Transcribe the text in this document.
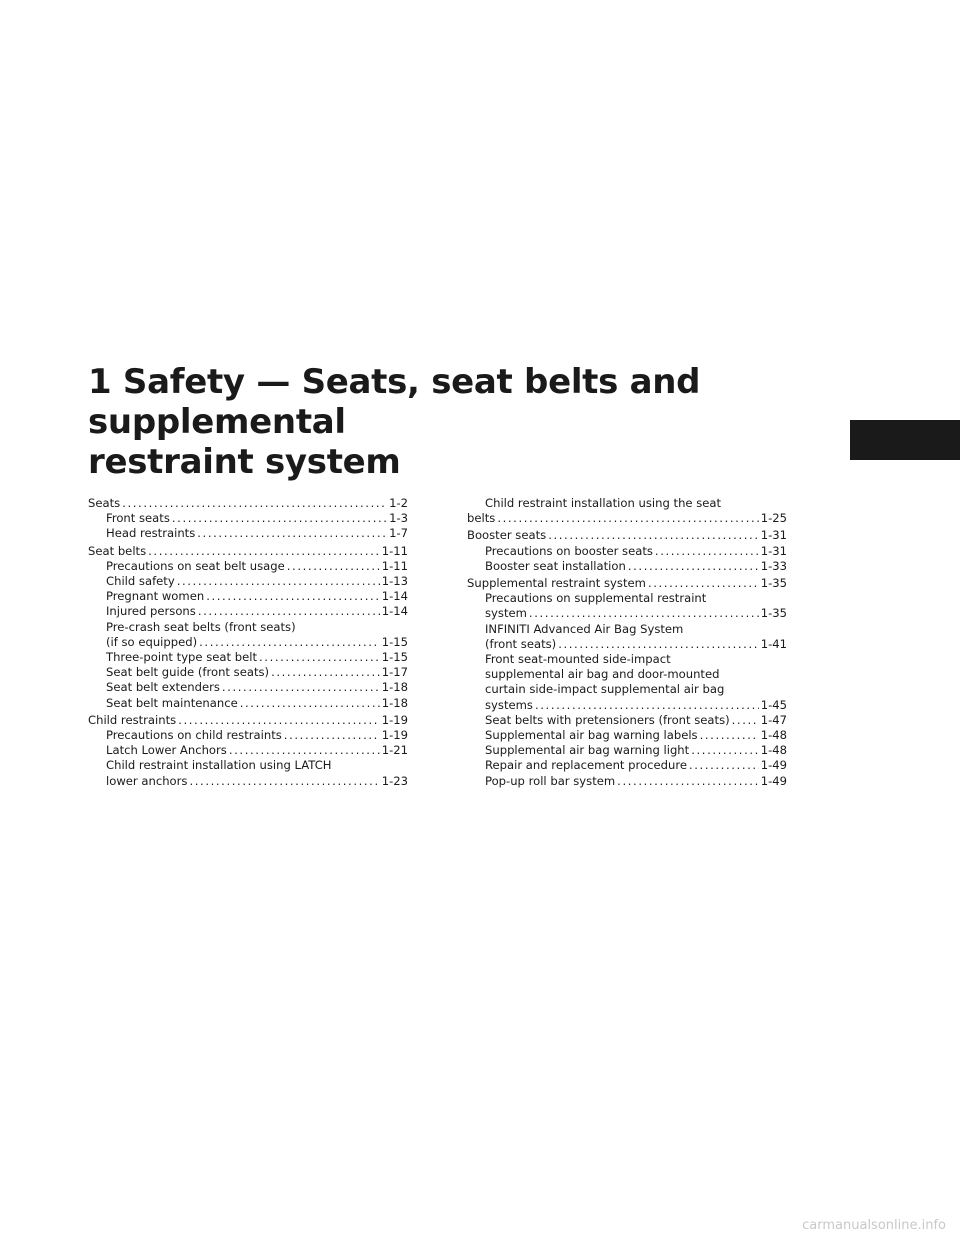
1 Safety — Seats, seat belts and supplemental
restraint system
Seats .....	1-2
Front seats .....	1-3
Head restraints .....	1-7
Seat belts .....	1-11
Precautions on seat belt usage .....	1-11
Child safety .....	1-13
Pregnant women .....	1-14
Injured persons .....	1-14
Pre-crash seat belts (front seats)
(if so equipped) .....	1-15
Three-point type seat belt .....	1-15
Seat belt guide (front seats) .....	1-17
Seat belt extenders .....	1-18
Seat belt maintenance .....	1-18
Child restraints .....	1-19
Precautions on child restraints .....	1-19
Latch Lower Anchors .....	1-21
Child restraint installation using LATCH
lower anchors .....	1-23
Child restraint installation using the seat
belts .....	1-25
Booster seats .....	1-31
Precautions on booster seats .....	1-31
Booster seat installation .....	1-33
Supplemental restraint system .....	1-35
Precautions on supplemental restraint
system .....	1-35
INFINITI Advanced Air Bag System
(front seats) .....	1-41
Front seat-mounted side-impact
supplemental air bag and door-mounted
curtain side-impact supplemental air bag
systems .....	1-45
Seat belts with pretensioners (front seats) .....	1-47
Supplemental air bag warning labels .....	1-48
Supplemental air bag warning light .....	1-48
Repair and replacement procedure .....	1-49
Pop-up roll bar system .....	1-49

carmanualsonline.info
